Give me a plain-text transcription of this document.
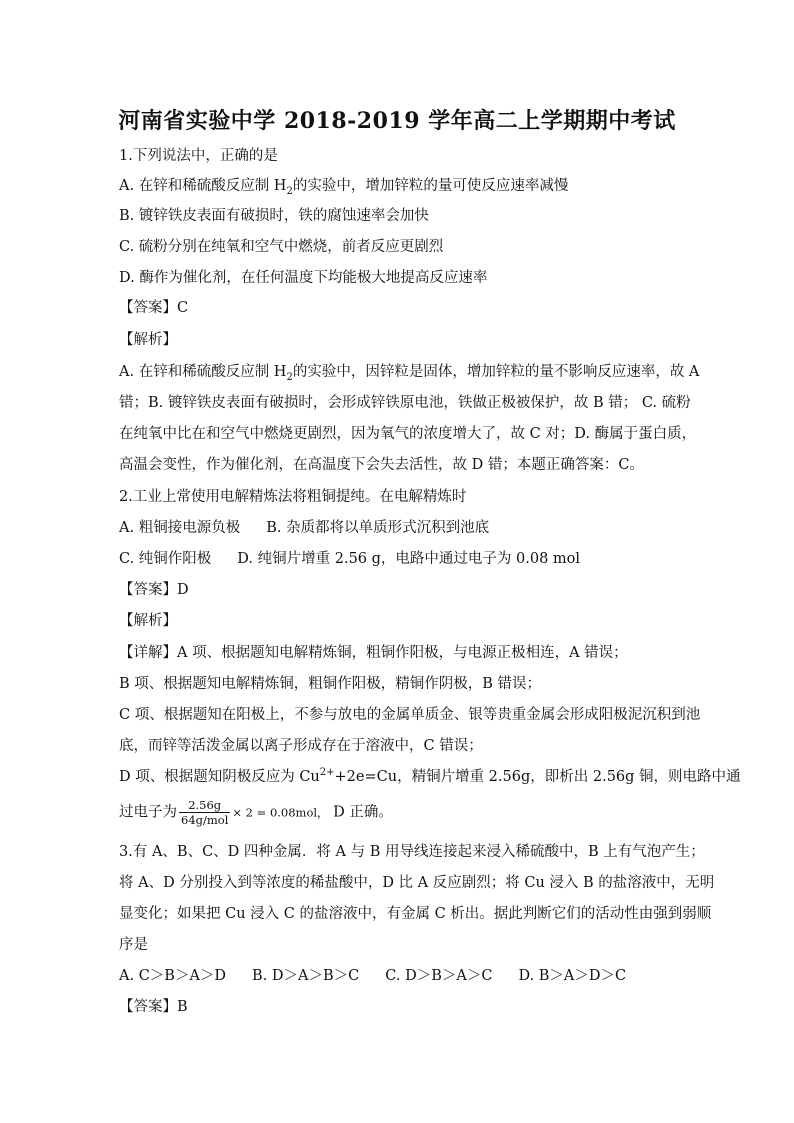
河南省实验中学 2018-2019 学年高二上学期期中考试
1.下列说法中，正确的是
A. 在锌和稀硫酸反应制 $H_2$的实验中，增加锌粒的量可使反应速率减慢
B. 镀锌铁皮表面有破损时，铁的腐蚀速率会加快
C. 硫粉分别在纯氧和空气中燃烧，前者反应更剧烈
D. 酶作为催化剂，在任何温度下均能极大地提高反应速率
【答案】C
【解析】
A. 在锌和稀硫酸反应制 $H_2$的实验中，因锌粒是固体，增加锌粒的量不影响反应速率，故 A
错；B. 镀锌铁皮表面有破损时，会形成锌铁原电池，铁做正极被保护，故 B 错； C. 硫粉
在纯氧中比在和空气中燃烧更剧烈，因为氧气的浓度增大了，故 C 对；D. 酶属于蛋白质，
高温会变性，作为催化剂，在高温度下会失去活性，故 D 错；本题正确答案：C。
2.工业上常使用电解精炼法将粗铜提纯。在电解精炼时
A. 粗铜接电源负极 B. 杂质都将以单质形式沉积到池底
C. 纯铜作阳极 D. 纯铜片增重 2.56 g，电路中通过电子为 0.08 mol
【答案】D
【解析】
【详解】A 项、根据题知电解精炼铜，粗铜作阳极，与电源正极相连，A 错误；
B 项、根据题知电解精炼铜，粗铜作阳极，精铜作阴极，B 错误；
C 项、根据题知在阳极上，不参与放电的金属单质金、银等贵重金属会形成阳极泥沉积到池
底，而锌等活泼金属以离子形成存在于溶液中，C 错误；
D 项、根据题知阴极反应为 $Cu^{2+}+2e=Cu$，精铜片增重 2.56g，即析出 2.56g 铜，则电路中通
过电子为 $\frac{2.56g}{\text{64g/mol}} \times 2 = 0.08mol$， D 正确。
3.有 A、B、C、D 四种金属．将 A 与 B 用导线连接起来浸入稀硫酸中，B 上有气泡产生；
将 A、D 分别投入到等浓度的稀盐酸中，D 比 A 反应剧烈；将 Cu 浸入 B 的盐溶液中，无明
显变化；如果把 Cu 浸入 C 的盐溶液中，有金属 C 析出。据此判断它们的活动性由强到弱顺
序是
A. C＞B＞A＞D B. D＞A＞B＞C C. D＞B＞A＞C D. B＞A＞D＞C
【答案】B
